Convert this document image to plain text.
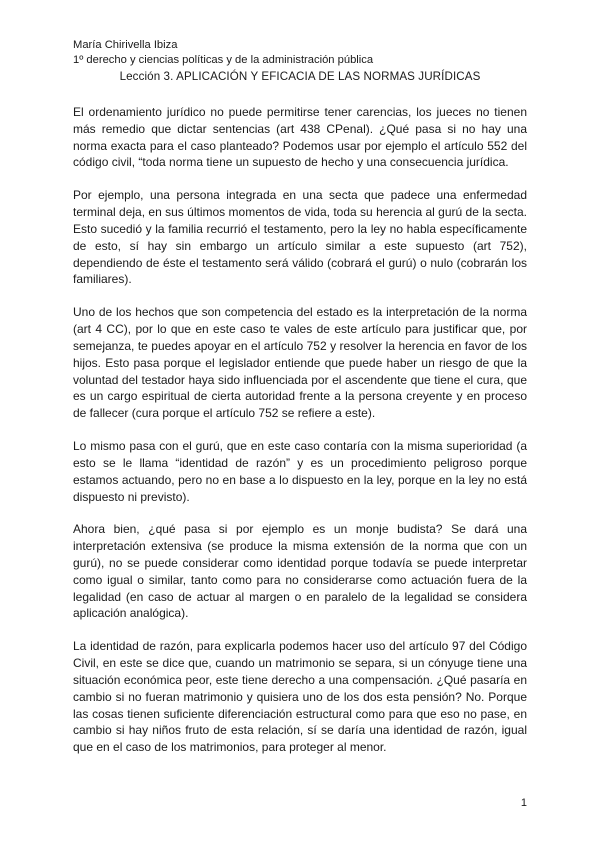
María Chirivella Ibiza
1º derecho y ciencias políticas y de la administración pública
Lección 3. APLICACIÓN Y EFICACIA DE LAS NORMAS JURÍDICAS

El ordenamiento jurídico no puede permitirse tener carencias, los jueces no tienen más remedio que dictar sentencias (art 438 CPenal). ¿Qué pasa si no hay una norma exacta para el caso planteado? Podemos usar por ejemplo el artículo 552 del código civil, “toda norma tiene un supuesto de hecho y una consecuencia jurídica.

Por ejemplo, una persona integrada en una secta que padece una enfermedad terminal deja, en sus últimos momentos de vida, toda su herencia al gurú de la secta. Esto sucedió y la familia recurrió el testamento, pero la ley no habla específicamente de esto, sí hay sin embargo un artículo similar a este supuesto (art 752), dependiendo de éste el testamento será válido (cobrará el gurú) o nulo (cobrarán los familiares).

Uno de los hechos que son competencia del estado es la interpretación de la norma (art 4 CC), por lo que en este caso te vales de este artículo para justificar que, por semejanza, te puedes apoyar en el artículo 752 y resolver la herencia en favor de los hijos. Esto pasa porque el legislador entiende que puede haber un riesgo de que la voluntad del testador haya sido influenciada por el ascendente que tiene el cura, que es un cargo espiritual de cierta autoridad frente a la persona creyente y en proceso de fallecer (cura porque el artículo 752 se refiere a este).

Lo mismo pasa con el gurú, que en este caso contaría con la misma superioridad (a esto se le llama “identidad de razón” y es un procedimiento peligroso porque estamos actuando, pero no en base a lo dispuesto en la ley, porque en la ley no está dispuesto ni previsto).

Ahora bien, ¿qué pasa si por ejemplo es un monje budista? Se dará una interpretación extensiva (se produce la misma extensión de la norma que con un gurú), no se puede considerar como identidad porque todavía se puede interpretar como igual o similar, tanto como para no considerarse como actuación fuera de la legalidad (en caso de actuar al margen o en paralelo de la legalidad se considera aplicación analógica).

La identidad de razón, para explicarla podemos hacer uso del artículo 97 del Código Civil, en este se dice que, cuando un matrimonio se separa, si un cónyuge tiene una situación económica peor, este tiene derecho a una compensación. ¿Qué pasaría en cambio si no fueran matrimonio y quisiera uno de los dos esta pensión? No. Porque las cosas tienen suficiente diferenciación estructural como para que eso no pase, en cambio si hay niños fruto de esta relación, sí se daría una identidad de razón, igual que en el caso de los matrimonios, para proteger al menor.

1
